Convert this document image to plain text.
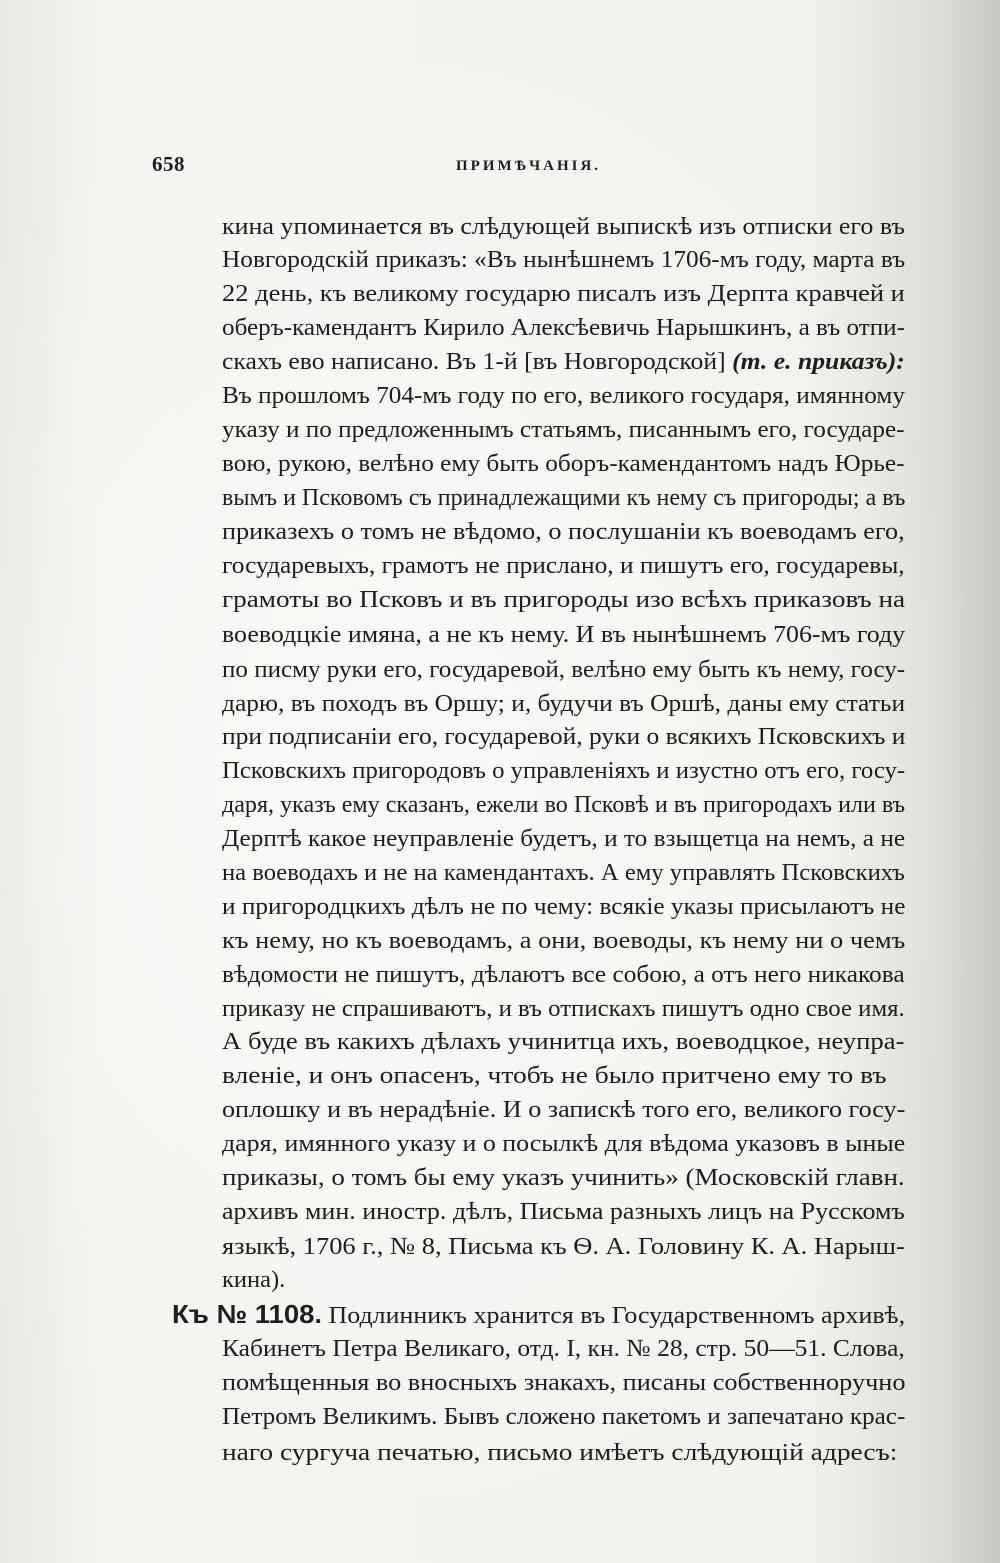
658	ПРИМѢЧАНІЯ.
кина упоминается въ слѣдующей выпискѣ изъ отписки его въ
Новгородскій приказъ: «Въ нынѣшнемъ 1706-мъ году, марта въ
22 день, къ великому государю писалъ изъ Дерпта кравчей и
оберъ-камендантъ Кирило Алексѣевичь Нарышкинъ, а въ отпи-
скахъ ево написано. Въ 1-й [въ Новгородской] (т. е. приказъ):
Въ прошломъ 704-мъ году по его, великого государя, имянному
указу и по предложеннымъ статьямъ, писаннымъ его, государе-
вою, рукою, велѣно ему быть оборъ-камендантомъ надъ Юрье-
вымъ и Псковомъ съ принадлежащими къ нему съ пригороды; а въ
приказехъ о томъ не вѣдомо, о послушаніи къ воеводамъ его,
государевыхъ, грамотъ не прислано, и пишутъ его, государевы,
грамоты во Псковъ и въ пригороды изо всѣхъ приказовъ на
воеводцкіе имяна, а не къ нему. И въ нынѣшнемъ 706-мъ году
по писму руки его, государевой, велѣно ему быть къ нему, госу-
дарю, въ походъ въ Оршу; и, будучи въ Оршѣ, даны ему статьи
при подписаніи его, государевой, руки о всякихъ Псковскихъ и
Псковскихъ пригородовъ о управленіяхъ и изустно отъ его, госу-
даря, указъ ему сказанъ, ежели во Псковѣ и въ пригородахъ или въ
Дерптѣ какое неуправленіе будетъ, и то взыщетца на немъ, а не
на воеводахъ и не на камендантахъ. А ему управлять Псковскихъ
и пригородцкихъ дѣлъ не по чему: всякіе указы присылаютъ не
къ нему, но къ воеводамъ, а они, воеводы, къ нему ни о чемъ
вѣдомости не пишутъ, дѣлаютъ все собою, а отъ него никакова
приказу не спрашиваютъ, и въ отпискахъ пишутъ одно свое имя.
А буде въ какихъ дѣлахъ учинитца ихъ, воеводцкое, неупра-
вленіе, и онъ опасенъ, чтобъ не было притчено ему то въ
оплошку и въ нерадѣніе. И о запискѣ того его, великого госу-
даря, имянного указу и о посылкѣ для вѣдома указовъ в ыные
приказы, о томъ бы ему указъ учинить» (Московскій главн.
архивъ мин. иностр. дѣлъ, Письма разныхъ лицъ на Русскомъ
языкѣ, 1706 г., № 8, Письма къ Ѳ. А. Головину К. А. Нарыш-
кина).
Къ № 1108. Подлинникъ хранится въ Государственномъ архивѣ,
Кабинетъ Петра Великаго, отд. I, кн. № 28, стр. 50—51. Слова,
помѣщенныя во вносныхъ знакахъ, писаны собственноручно
Петромъ Великимъ. Бывъ сложено пакетомъ и запечатано крас-
наго сургуча печатью, письмо имѣетъ слѣдующій адресъ:
